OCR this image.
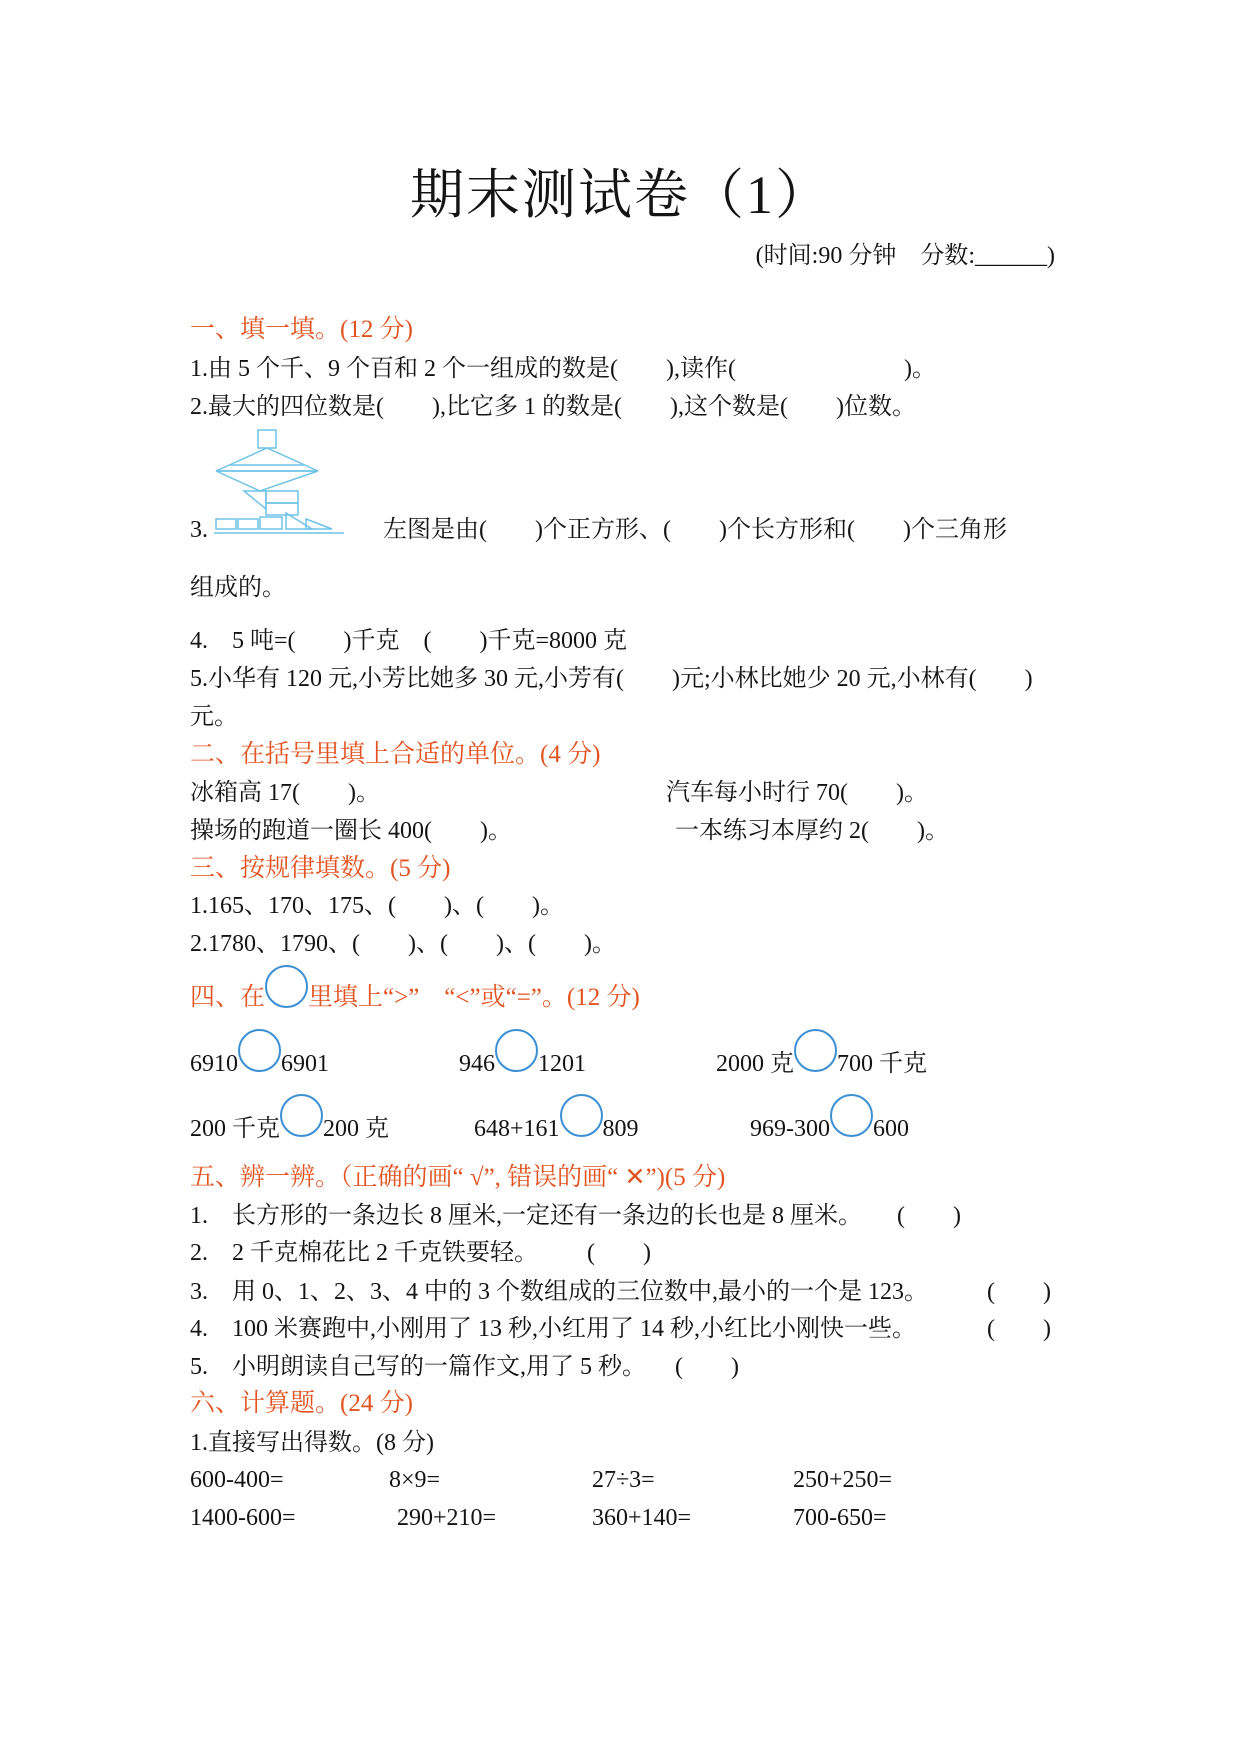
期末测试卷（1）
(时间:90 分钟　分数:______)
一、填一填。(12 分)
1.由 5 个千、9 个百和 2 个一组成的数是(　　),读作(　　　　　　　)。
2.最大的四位数是(　　),比它多 1 的数是(　　),这个数是(　　)位数。
3.	左图是由(　　)个正方形、(　　)个长方形和(　　)个三角形
组成的。
4.　5 吨=(　　)千克　(　　)千克=8000 克
5.小华有 120 元,小芳比她多 30 元,小芳有(　　)元;小林比她少 20 元,小林有(　　)
元。
二、在括号里填上合适的单位。(4 分)
冰箱高 17(　　)。	汽车每小时行 70(　　)。
操场的跑道一圈长 400(　　)。	一本练习本厚约 2(　　)。
三、按规律填数。(5 分)
1.165、170、175、(　　)、(　　)。
2.1780、1790、(　　)、(　　)、(　　)。
四、在 里填上“>”　“<”或“=”。(12 分)
6910 6901	946 1201	2000 克 700 千克
200 千克 200 克	648+161 809	969-300 600
五、辨一辨。（正确的画“ √”, 错误的画“ ✕”)(5 分)
1.　长方形的一条边长 8 厘米,一定还有一条边的长也是 8 厘米。 (　　)
2.　2 千克棉花比 2 千克铁要轻。 (　　)
3.　用 0、1、2、3、4 中的 3 个数组成的三位数中,最小的一个是 123。 (　　)
4.　100 米赛跑中,小刚用了 13 秒,小红用了 14 秒,小红比小刚快一些。	(　　)
5.　小明朗读自己写的一篇作文,用了 5 秒。 (　　)
六、计算题。(24 分)
1.直接写出得数。(8 分)
600-400=	8×9=	27÷3=	250+250=
1400-600=	290+210=	360+140=	700-650=
